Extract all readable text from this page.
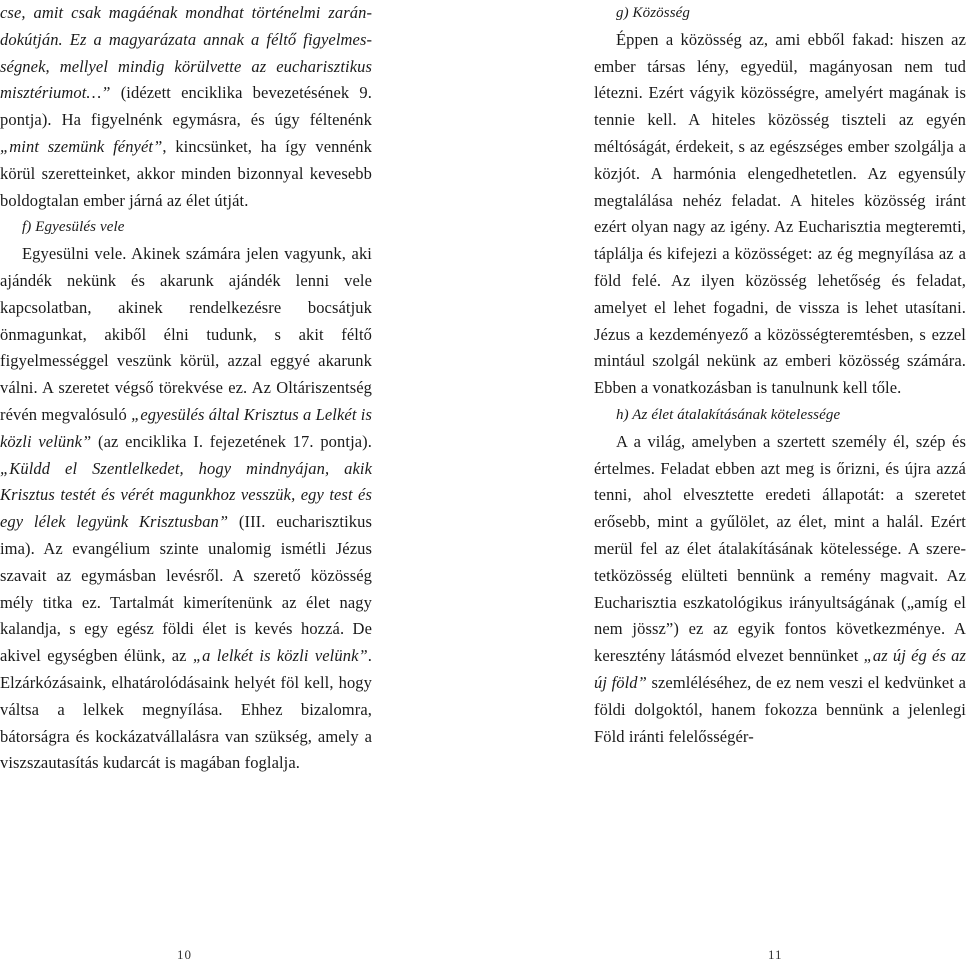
cse, amit csak magáénak mondhat történelmi zarándokútján. Ez a magyarázata annak a féltő figyelmességnek, mellyel mindig körülvette az eucharisztikus misztériumot…” (idézett enciklika bevezetésének 9. pontja). Ha figyelnénk egymásra, és úgy féltenénk „mint szemünk fényét”, kincsünket, ha így vennénk körül szeretteinket, akkor minden bizonnyal kevesebb boldogtalan ember járná az élet útját.

f) Egyesülés vele

Egyesülni vele. Akinek számára jelen vagyunk, aki ajándék nekünk és akarunk ajándék lenni vele kapcsolatban, akinek rendelkezésre bocsátjuk önmagunkat, akiből élni tudunk, s akit féltő figyelmességgel veszünk körül, azzal eggyé akarunk válni. A szeretet végső törekvése ez. Az Oltáriszentség révén megvalósuló „egyesülés által Krisztus a Lelkét is közli velünk” (az enciklika I. fejezetének 17. pontja). „Küldd el Szentlelkedet, hogy mindnyájan, akik Krisztus testét és vérét magunkhoz vesszük, egy test és egy lélek legyünk Krisztusban” (III. eucharisztikus ima). Az evangélium szinte unalomig ismétli Jézus szavait az egymásban levésről. A szerető közösség mély titka ez. Tartalmát kimerítenünk az élet nagy kalandja, s egy egész földi élet is kevés hozzá. De akivel egységben élünk, az „a lelkét is közli velünk”. Elzárkózásaink, elhatárolódásaink helyét föl kell, hogy váltsa a lelkek megnyílása. Ehhez bizalomra, bátorságra és kockázatvállalásra van szükség, amely a viszszautasítás kudarcát is magában foglalja.

g) Közösség

Éppen a közösség az, ami ebből fakad: hiszen az ember társas lény, egyedül, magányosan nem tud létezni. Ezért vágyik közösségre, amelyért magának is tennie kell. A hiteles közösség tiszteli az egyén méltóságát, érdekeit, s az egészséges ember szolgálja a közjót. A harmónia elengedhetetlen. Az egyensúly megtalálása nehéz feladat. A hiteles közösség iránt ezért olyan nagy az igény. Az Eucharisztia megteremti, táplálja és kifejezi a közösséget: az ég megnyílása az a föld felé. Az ilyen közösség lehetőség és feladat, amelyet el lehet fogadni, de vissza is lehet utasítani. Jézus a kezdeményező a közösségteremtésben, s ezzel mintául szolgál nekünk az emberi közösség számára. Ebben a vonatkozásban is tanulnunk kell tőle.

h) Az élet átalakításának kötelessége

A a világ, amelyben a szertett személy él, szép és értelmes. Feladat ebben azt meg is őrizni, és újra azzá tenni, ahol elvesztette eredeti állapotát: a szeretet erősebb, mint a gyűlölet, az élet, mint a halál. Ezért merül fel az élet átalakításának kötelessége. A szeretetközösség elülteti bennünk a remény magvait. Az Eucharisztia eszkatológikus irányultságának („amíg el nem jössz”) ez az egyik fontos következménye. A keresztény látásmód elvezet bennünket „az új ég és az új föld” szemléléséhez, de ez nem veszi el kedvünket a földi dolgoktól, hanem fokozza bennünk a jelenlegi Föld iránti felelősségér-

10	11
